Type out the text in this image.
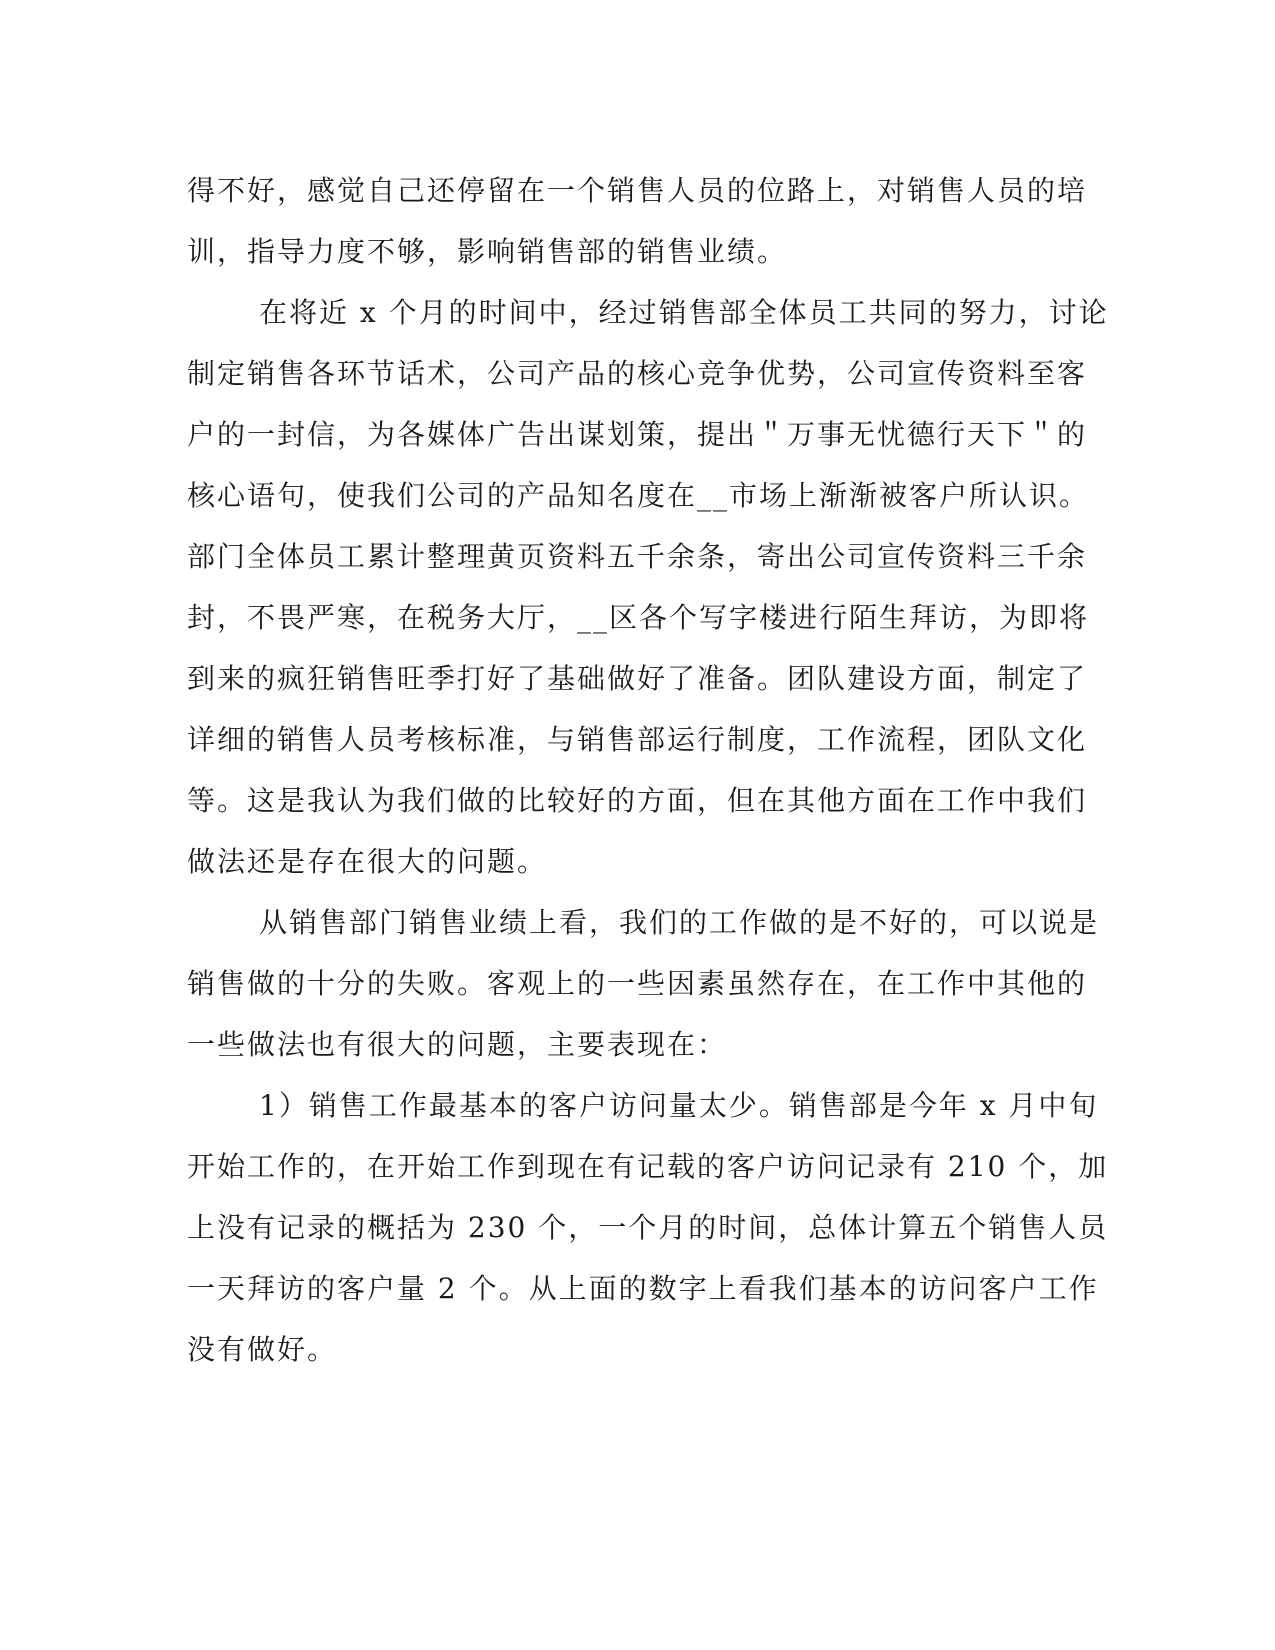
得不好，感觉自己还停留在一个销售人员的位路上，对销售人员的培
训，指导力度不够，影响销售部的销售业绩。
在将近 x 个月的时间中，经过销售部全体员工共同的努力，讨论
制定销售各环节话术，公司产品的核心竞争优势，公司宣传资料至客
户的一封信，为各媒体广告出谋划策，提出＂万事无忧德行天下＂的
核心语句，使我们公司的产品知名度在__市场上渐渐被客户所认识。
部门全体员工累计整理黄页资料五千余条，寄出公司宣传资料三千余
封，不畏严寒，在税务大厅，__区各个写字楼进行陌生拜访，为即将
到来的疯狂销售旺季打好了基础做好了准备。团队建设方面，制定了
详细的销售人员考核标准，与销售部运行制度，工作流程，团队文化
等。这是我认为我们做的比较好的方面，但在其他方面在工作中我们
做法还是存在很大的问题。
从销售部门销售业绩上看，我们的工作做的是不好的，可以说是
销售做的十分的失败。客观上的一些因素虽然存在，在工作中其他的
一些做法也有很大的问题，主要表现在：
1）销售工作最基本的客户访问量太少。销售部是今年 x 月中旬
开始工作的，在开始工作到现在有记载的客户访问记录有 210 个，加
上没有记录的概括为 230 个，一个月的时间，总体计算五个销售人员
一天拜访的客户量 2 个。从上面的数字上看我们基本的访问客户工作
没有做好。
